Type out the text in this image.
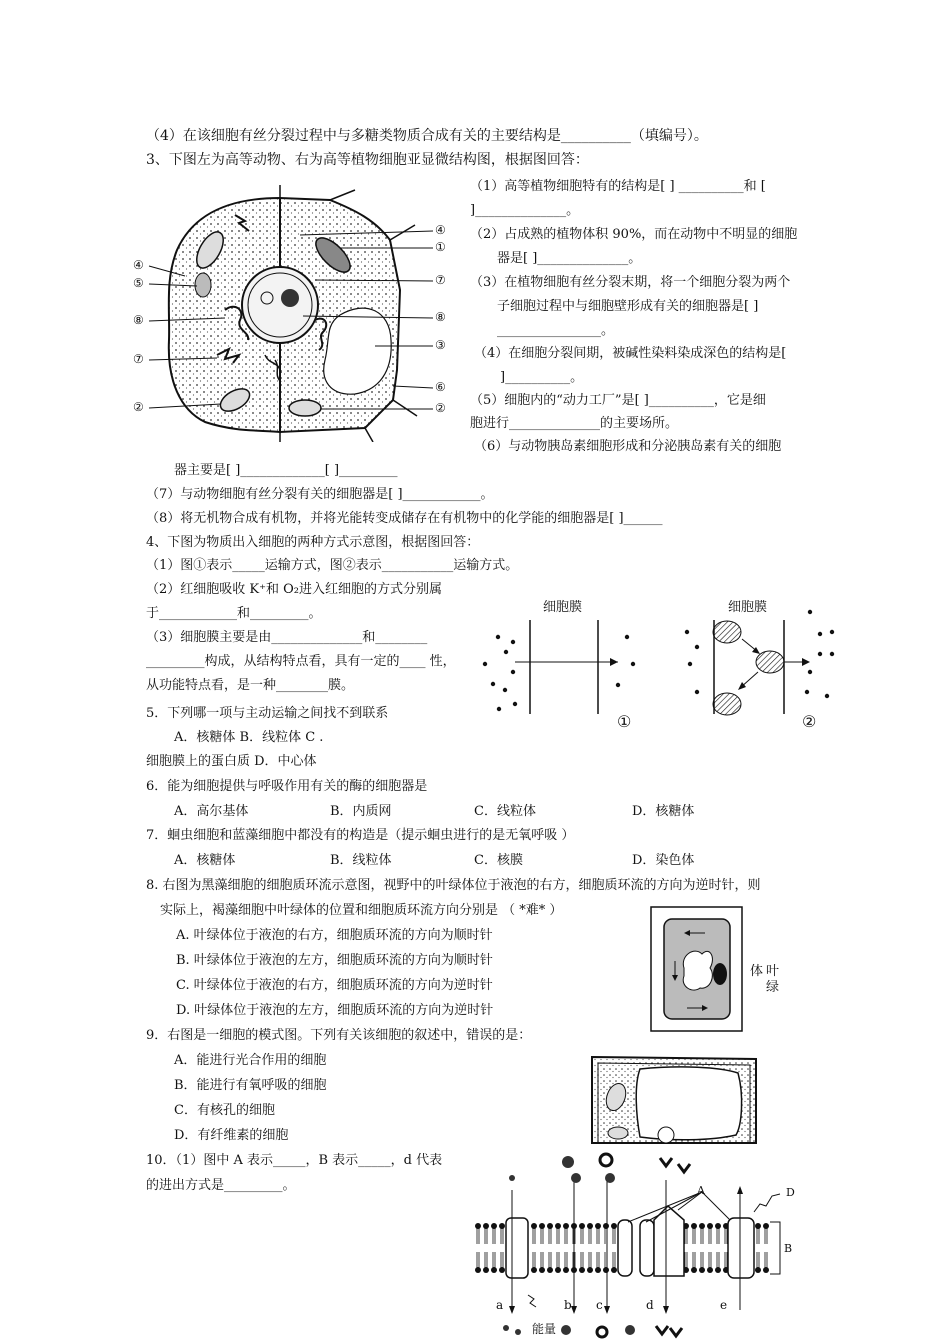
（4）在该细胞有丝分裂过程中与多糖类物质合成有关的主要结构是__________（填编号）。
3、下图左为高等动物、右为高等植物细胞亚显微结构图，根据图回答：
（1）高等植物细胞特有的结构是[ ] __________和 [
]______________。
（2）占成熟的植物体积 90%，而在动物中不明显的细胞
器是[ ]______________。
（3）在植物细胞有丝分裂末期，将一个细胞分裂为两个
子细胞过程中与细胞壁形成有关的细胞器是[ ]
________________。
（4）在细胞分裂间期，被碱性染料染成深色的结构是[
]__________。
（5）细胞内的“动力工厂”是[ ]__________，它是细
胞进行______________的主要场所。
（6）与动物胰岛素细胞形成和分泌胰岛素有关的细胞
器主要是[ ]_____________[ ]_________
（7）与动物细胞有丝分裂有关的细胞器是[ ]____________。
（8）将无机物合成有机物，并将光能转变成储存在有机物中的化学能的细胞器是[ ]______
4、下图为物质出入细胞的两种方式示意图，根据图回答：
（1）图①表示_____运输方式，图②表示___________运输方式。
（2）红细胞吸收 K⁺和 O₂进入红细胞的方式分别属
于____________和_________。
（3）细胞膜主要是由______________和________
_________构成，从结构特点看，具有一定的____ 性，
从功能特点看，是一种________膜。
5．下列哪一项与主动运输之间找不到联系
A．核糖体 B．线粒体 C .
细胞膜上的蛋白质 D．中心体
6．能为细胞提供与呼吸作用有关的酶的细胞器是
A．高尔基体	B．内质网	C．线粒体	D．核糖体
7．蛔虫细胞和蓝藻细胞中都没有的构造是（提示蛔虫进行的是无氧呼吸 ）
A．核糖体	B．线粒体	C．核膜	D．染色体
8. 右图为黑藻细胞的细胞质环流示意图，视野中的叶绿体位于液泡的右方，细胞质环流的方向为逆时针，则
实际上，褐藻细胞中叶绿体的位置和细胞质环流方向分别是 （ *难* ）
A. 叶绿体位于液泡的右方，细胞质环流的方向为顺时针
B. 叶绿体位于液泡的左方，细胞质环流的方向为顺时针
C. 叶绿体位于液泡的右方，细胞质环流的方向为逆时针
D. 叶绿体位于液泡的左方，细胞质环流的方向为逆时针
9．右图是一细胞的模式图。下列有关该细胞的叙述中，错误的是：
A．能进行光合作用的细胞
B．能进行有氧呼吸的细胞
C．有核孔的细胞
D．有纤维素的细胞
10．（1）图中 A 表示_____，B 表示_____，d 代表
的进出方式是_________。
④
⑤
⑧
⑦
②
④
①
⑦
⑧
③
⑥
②
细胞膜
①
细胞膜
②
体 叶
绿
A
B
D
a	b c	d	e
能量
